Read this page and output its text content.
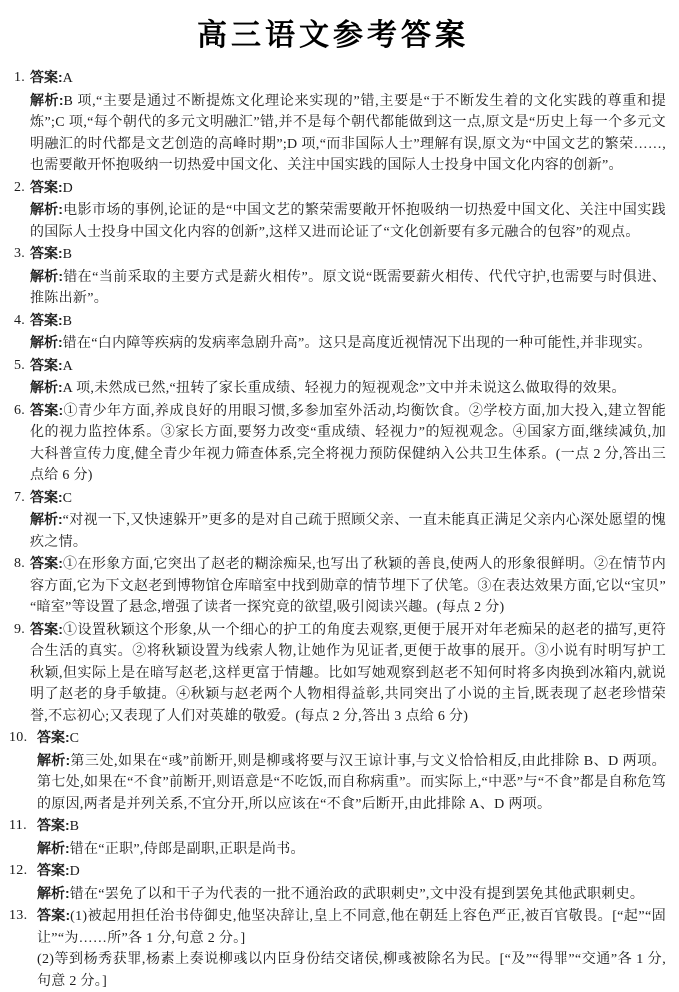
高三语文参考答案
1. 答案:A

解析:B 项,“主要是通过不断提炼文化理论来实现的”错,主要是“于不断发生着的文化实践的尊重和提炼”;C 项,“每个朝代的多元文明融汇”错,并不是每个朝代都能做到这一点,原文是“历史上每一个多元文明融汇的时代都是文艺创造的高峰时期”;D 项,“而非国际人士”理解有误,原文为“中国文艺的繁荣……,也需要敞开怀抱吸纳一切热爱中国文化、关注中国实践的国际人士投身中国文化内容的创新”。

2. 答案:D

解析:电影市场的事例,论证的是“中国文艺的繁荣需要敞开怀抱吸纳一切热爱中国文化、关注中国实践的国际人士投身中国文化内容的创新”,这样又进而论证了“文化创新要有多元融合的包容”的观点。

3. 答案:B

解析:错在“当前采取的主要方式是薪火相传”。原文说“既需要薪火相传、代代守护,也需要与时俱进、推陈出新”。

4. 答案:B

解析:错在“白内障等疾病的发病率急剧升高”。这只是高度近视情况下出现的一种可能性,并非现实。

5. 答案:A

解析:A 项,未然成已然,“扭转了家长重成绩、轻视力的短视观念”文中并未说这么做取得的效果。

6. 答案:①青少年方面,养成良好的用眼习惯,多参加室外活动,均衡饮食。②学校方面,加大投入,建立智能化的视力监控体系。③家长方面,要努力改变“重成绩、轻视力”的短视观念。④国家方面,继续减负,加大科普宣传力度,健全青少年视力筛查体系,完全将视力预防保健纳入公共卫生体系。(一点 2 分,答出三点给 6 分)

7. 答案:C

解析:“对视一下,又快速躲开”更多的是对自己疏于照顾父亲、一直未能真正满足父亲内心深处愿望的愧疚之情。

8. 答案:①在形象方面,它突出了赵老的糊涂痴呆,也写出了秋颖的善良,使两人的形象很鲜明。②在情节内容方面,它为下文赵老到博物馆仓库暗室中找到勋章的情节埋下了伏笔。③在表达效果方面,它以“宝贝”“暗室”等设置了悬念,增强了读者一探究竟的欲望,吸引阅读兴趣。(每点 2 分)

9. 答案:①设置秋颖这个形象,从一个细心的护工的角度去观察,更便于展开对年老痴呆的赵老的描写,更符合生活的真实。②将秋颖设置为线索人物,让她作为见证者,更便于故事的展开。③小说有时明写护工秋颖,但实际上是在暗写赵老,这样更富于情趣。比如写她观察到赵老不知何时将多肉换到冰箱内,就说明了赵老的身手敏捷。④秋颖与赵老两个人物相得益彰,共同突出了小说的主旨,既表现了赵老珍惜荣誉,不忘初心;又表现了人们对英雄的敬爱。(每点 2 分,答出 3 点给 6 分)

10. 答案:C

解析:第三处,如果在“彧”前断开,则是柳彧将要与汉王谅计事,与文义恰恰相反,由此排除 B、D 两项。第七处,如果在“不食”前断开,则语意是“不吃饭,而自称病重”。而实际上,“中恶”与“不食”都是自称危笃的原因,两者是并列关系,不宜分开,所以应该在“不食”后断开,由此排除 A、D 两项。

11. 答案:B

解析:错在“正职”,侍郎是副职,正职是尚书。

12. 答案:D

解析:错在“罢免了以和干子为代表的一批不通治政的武职刺史”,文中没有提到罢免其他武职刺史。

13. 答案:(1)被起用担任治书侍御史,他坚决辞让,皇上不同意,他在朝廷上容色严正,被百官敬畏。[“起”“固让”“为……所”各 1 分,句意 2 分。]

(2)等到杨秀获罪,杨素上奏说柳彧以内臣身份结交诸侯,柳彧被除名为民。[“及”“得罪”“交通”各 1 分,句意 2 分。]
